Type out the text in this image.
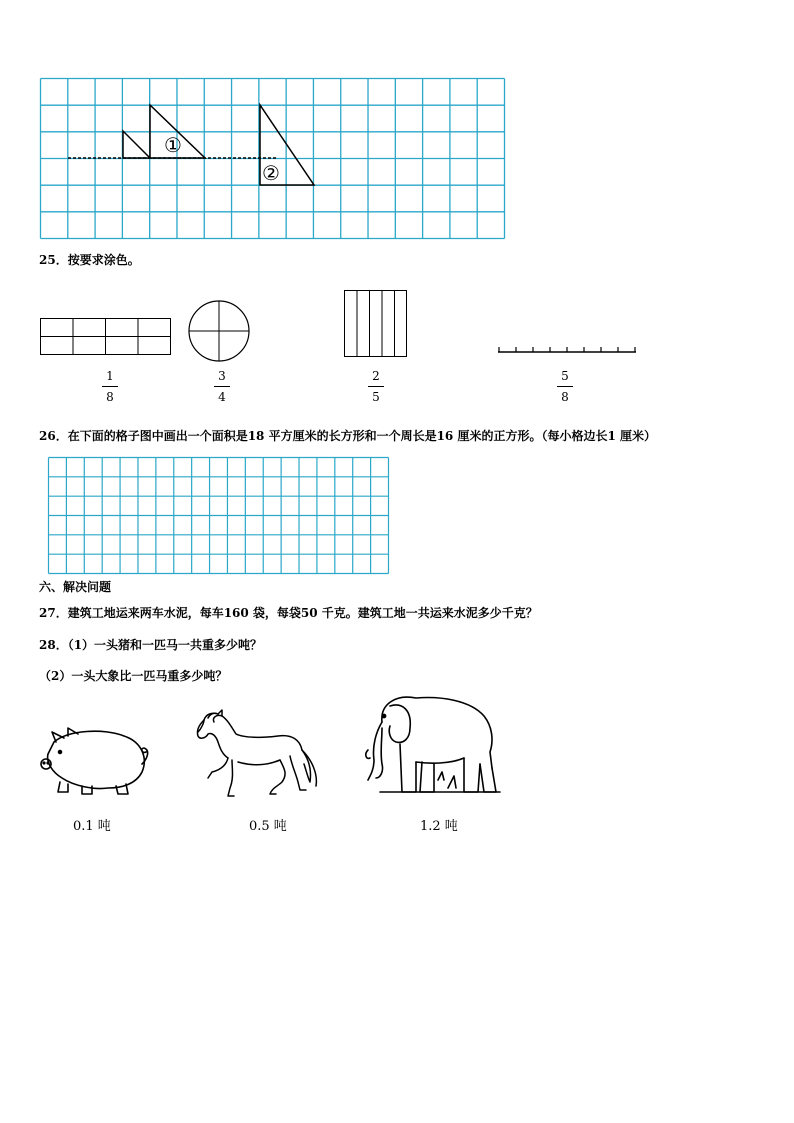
①
②
25．按要求涂色。
1
8
3
4
2
5
5
8
26．在下面的格子图中画出一个面积是18 平方厘米的长方形和一个周长是16 厘米的正方形。（每小格边长1 厘米）
六、解决问题
27．建筑工地运来两车水泥，每车160 袋，每袋50 千克。建筑工地一共运来水泥多少千克？
28．（1）一头猪和一匹马一共重多少吨？
（2）一头大象比一匹马重多少吨？
0.1 吨	0.5 吨	1.2 吨
